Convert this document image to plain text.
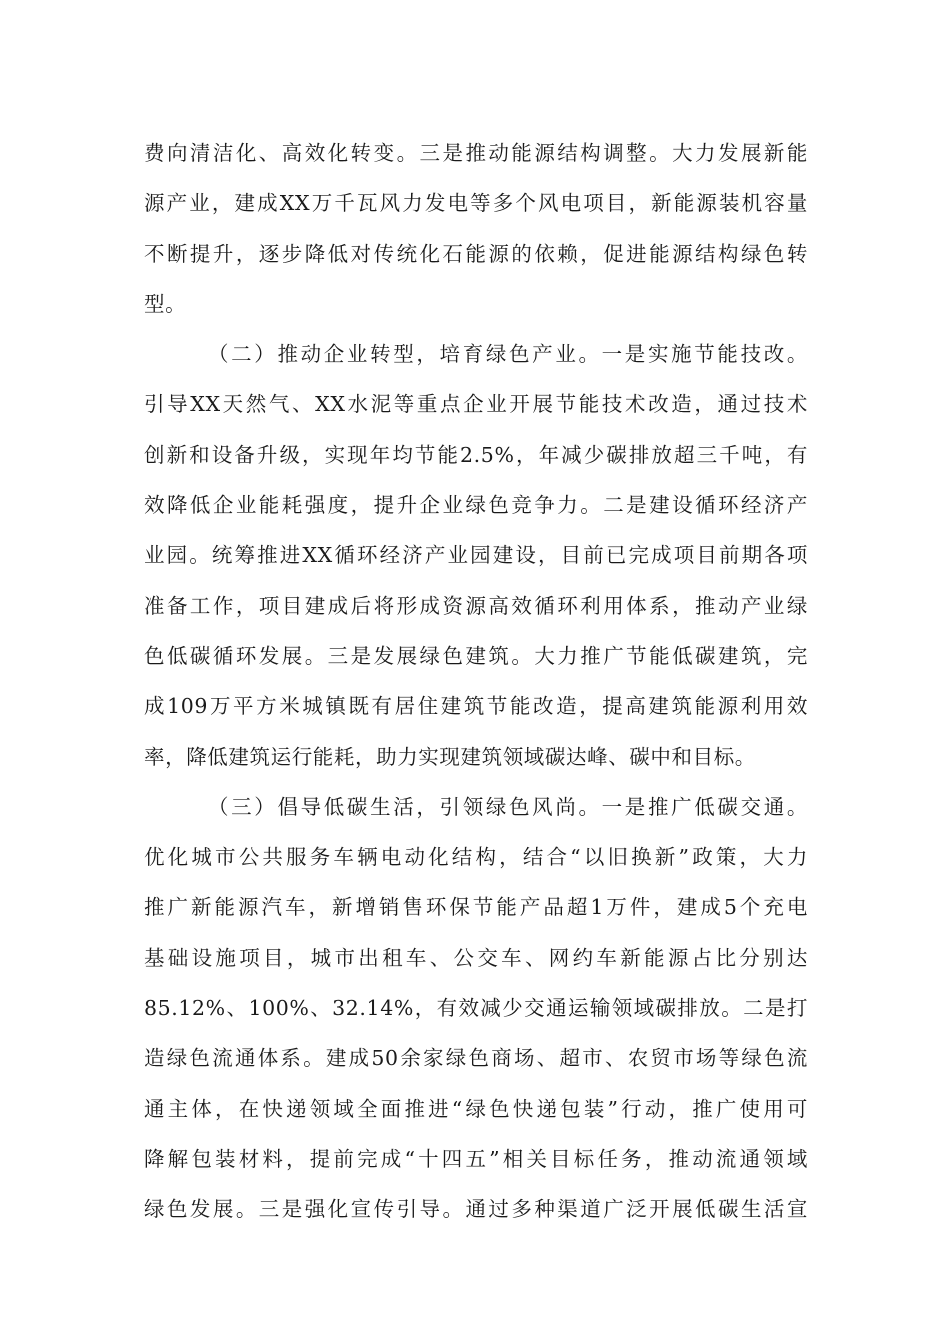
费向清洁化、高效化转变。三是推动能源结构调整。大力发展新能
源产业，建成XX万千瓦风力发电等多个风电项目，新能源装机容量
不断提升，逐步降低对传统化石能源的依赖，促进能源结构绿色转
型。
（二）推动企业转型，培育绿色产业。一是实施节能技改。
引导XX天然气、XX水泥等重点企业开展节能技术改造，通过技术
创新和设备升级，实现年均节能2.5%，年减少碳排放超三千吨，有
效降低企业能耗强度，提升企业绿色竞争力。二是建设循环经济产
业园。统筹推进XX循环经济产业园建设，目前已完成项目前期各项
准备工作，项目建成后将形成资源高效循环利用体系，推动产业绿
色低碳循环发展。三是发展绿色建筑。大力推广节能低碳建筑，完
成109万平方米城镇既有居住建筑节能改造，提高建筑能源利用效
率，降低建筑运行能耗，助力实现建筑领域碳达峰、碳中和目标。
（三）倡导低碳生活，引领绿色风尚。一是推广低碳交通。
优化城市公共服务车辆电动化结构，结合“以旧换新”政策，大力
推广新能源汽车，新增销售环保节能产品超1万件，建成5个充电
基础设施项目，城市出租车、公交车、网约车新能源占比分别达
85.12%、100%、32.14%，有效减少交通运输领域碳排放。二是打
造绿色流通体系。建成50余家绿色商场、超市、农贸市场等绿色流
通主体，在快递领域全面推进“绿色快递包装”行动，推广使用可
降解包装材料，提前完成“十四五”相关目标任务，推动流通领域
绿色发展。三是强化宣传引导。通过多种渠道广泛开展低碳生活宣
